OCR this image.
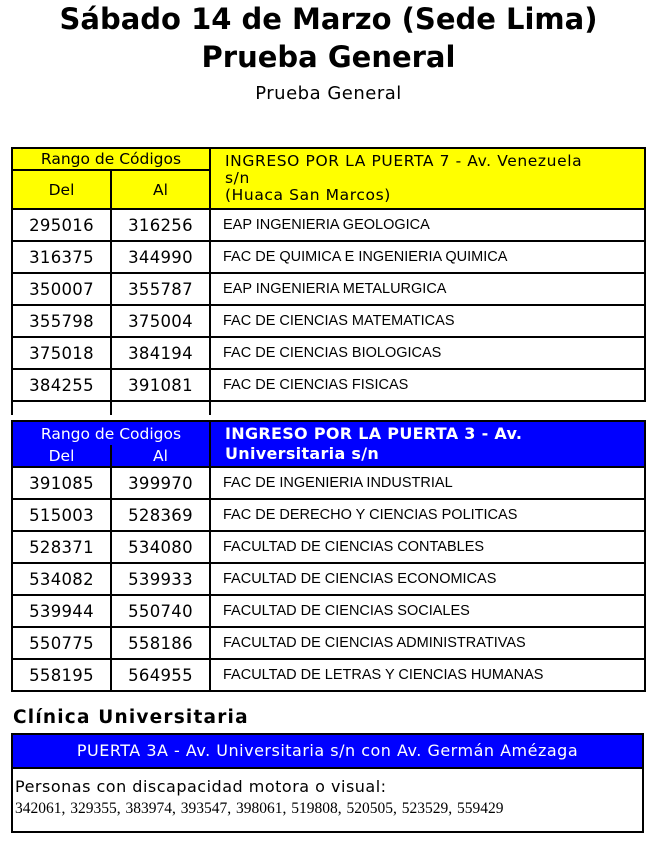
Sábado 14 de Marzo (Sede Lima)
Prueba General
Prueba General
Rango de Códigos		INGRESO POR LA PUERTA 7 - Av. Venezuela
s/n
(Huaca San Marcos)

Del	Al	
295016	316256	EAP INGENIERIA GEOLOGICA
316375	344990	FAC DE QUIMICA E INGENIERIA QUIMICA
350007	355787	EAP INGENIERIA METALURGICA
355798	375004	FAC DE CIENCIAS MATEMATICAS
375018	384194	FAC DE CIENCIAS BIOLOGICAS
384255	391081	FAC DE CIENCIAS FISICAS

Rango de Codigos		INGRESO POR LA PUERTA 3 - Av.
Universitaria s/n

Del	Al	
391085	399970	FAC DE INGENIERIA INDUSTRIAL
515003	528369	FAC DE DERECHO Y CIENCIAS POLITICAS
528371	534080	FACULTAD DE CIENCIAS CONTABLES
534082	539933	FACULTAD DE CIENCIAS ECONOMICAS
539944	550740	FACULTAD DE CIENCIAS SOCIALES
550775	558186	FACULTAD DE CIENCIAS ADMINISTRATIVAS
558195	564955	FACULTAD DE LETRAS Y CIENCIAS HUMANAS
Clínica Universitaria
PUERTA 3A - Av. Universitaria s/n con Av. Germán Amézaga
Personas con discapacidad motora o visual:
342061, 329355, 383974, 393547, 398061, 519808, 520505, 523529, 559429
